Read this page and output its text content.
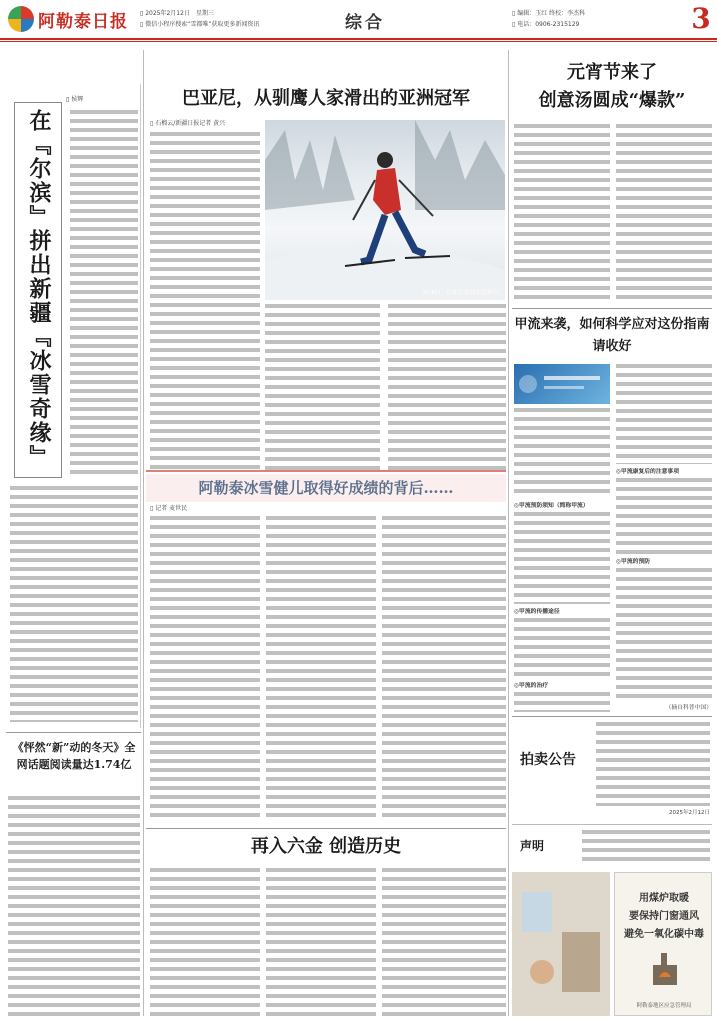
阿勒泰日报 ▯ 2025年2月12日　 星期三
▯ 微信小程序搜索“雪都唯”获取更多新闻资讯	综合	▯ 编辑：玉红 终校：李杰科
▯ 电话：0906-2315129	3
▯ 侯辉
在『尔滨』拼出新疆『冰雪奇缘』
巴亚尼，从驯鹰人家滑出的亚洲冠军
▯ 石榴云/新疆日报记者 黄兴
2月8日，巴亚尼·加孜在比赛中。
阿勒泰冰雪健儿取得好成绩的背后……
▯ 记者 麦世民
《怦然“新”动的冬天》全网话题阅读量达1.74亿
再入六金 创造历史
元宵节来了
创意汤圆成“爆款”
甲流来袭，如何科学应对这份指南请收好
◎甲流预防须知（简称甲流）
◎甲流的传播途径
◎甲流的治疗
◎甲流康复后的注意事项
◎甲流的预防
（摘自科普中国）
拍卖公告
2025年2月12日
声明
用煤炉取暖
要保持门窗通风
避免一氧化碳中毒
阿勒泰地区应急管理局
